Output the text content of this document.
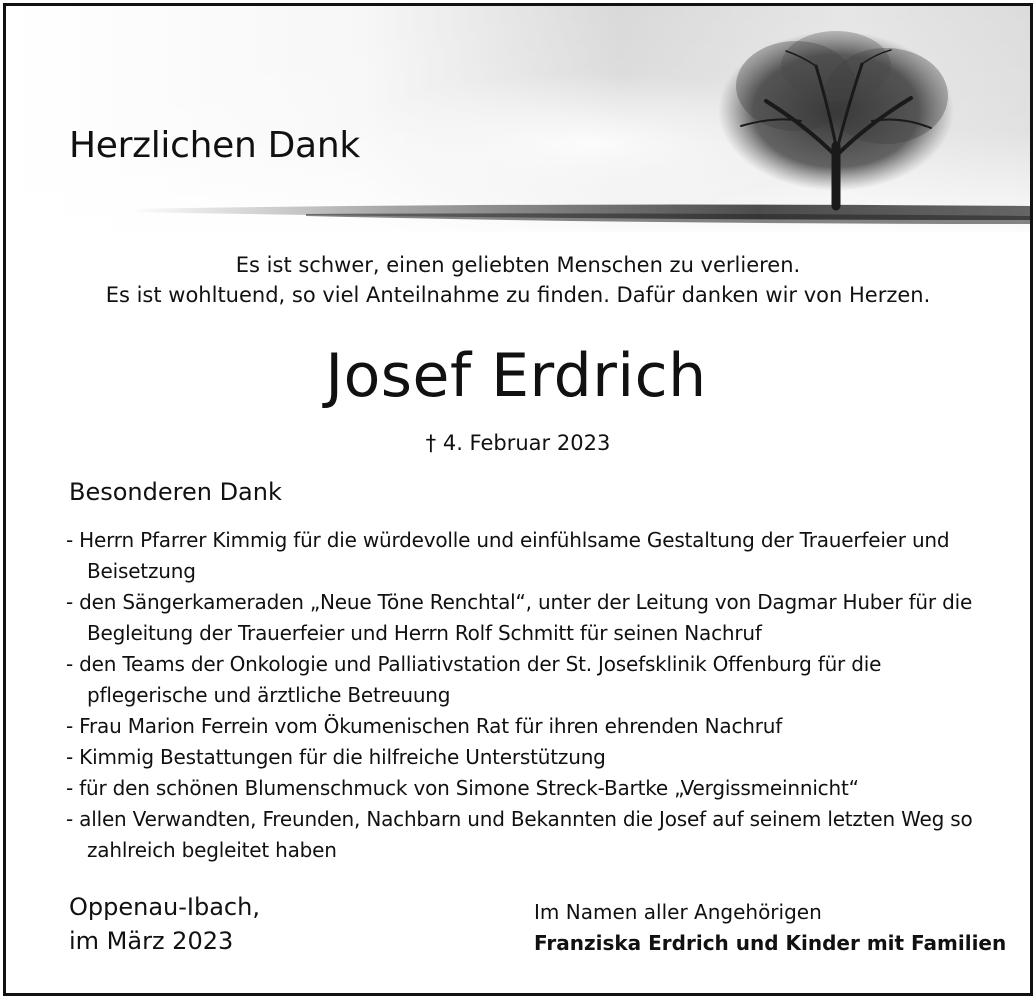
Herzlichen Dank
Es ist schwer, einen geliebten Menschen zu verlieren.
Es ist wohltuend, so viel Anteilnahme zu finden. Dafür danken wir von Herzen.
Josef Erdrich
† 4. Februar 2023
Besonderen Dank
- Herrn Pfarrer Kimmig für die würdevolle und einfühlsame Gestaltung der Trauerfeier und Beisetzung
- den Sängerkameraden „Neue Töne Renchtal“, unter der Leitung von Dagmar Huber für die Begleitung der Trauerfeier und Herrn Rolf Schmitt für seinen Nachruf
- den Teams der Onkologie und Palliativstation der St. Josefsklinik Offenburg für die pflegerische und ärztliche Betreuung
- Frau Marion Ferrein vom Ökumenischen Rat für ihren ehrenden Nachruf
- Kimmig Bestattungen für die hilfreiche Unterstützung
- für den schönen Blumenschmuck von Simone Streck-Bartke „Vergissmeinnicht“
- allen Verwandten, Freunden, Nachbarn und Bekannten die Josef auf seinem letzten Weg so zahlreich begleitet haben
Oppenau-Ibach,
im März 2023
Im Namen aller Angehörigen
Franziska Erdrich und Kinder mit Familien
